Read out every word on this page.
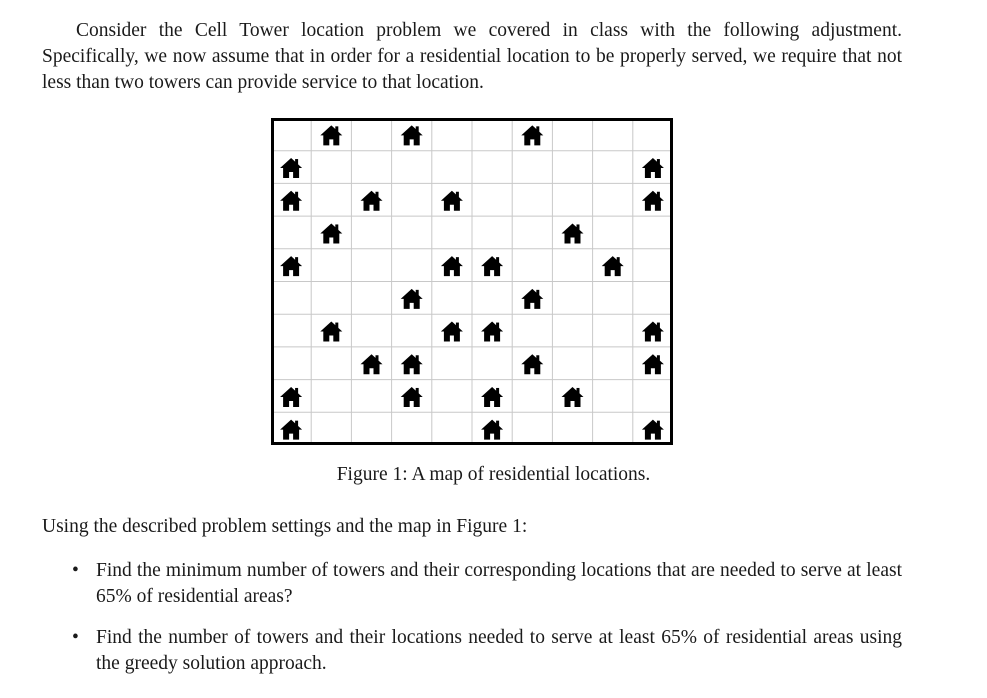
Consider the Cell Tower location problem we covered in class with the following adjustment. Specifically, we now assume that in order for a residential location to be properly served, we require that not less than two towers can provide service to that location.

Figure 1: A map of residential locations.

Using the described problem settings and the map in Figure 1:

• Find the minimum number of towers and their corresponding locations that are needed to serve at least 65% of residential areas?
• Find the number of towers and their locations needed to serve at least 65% of residential areas using the greedy solution approach.
